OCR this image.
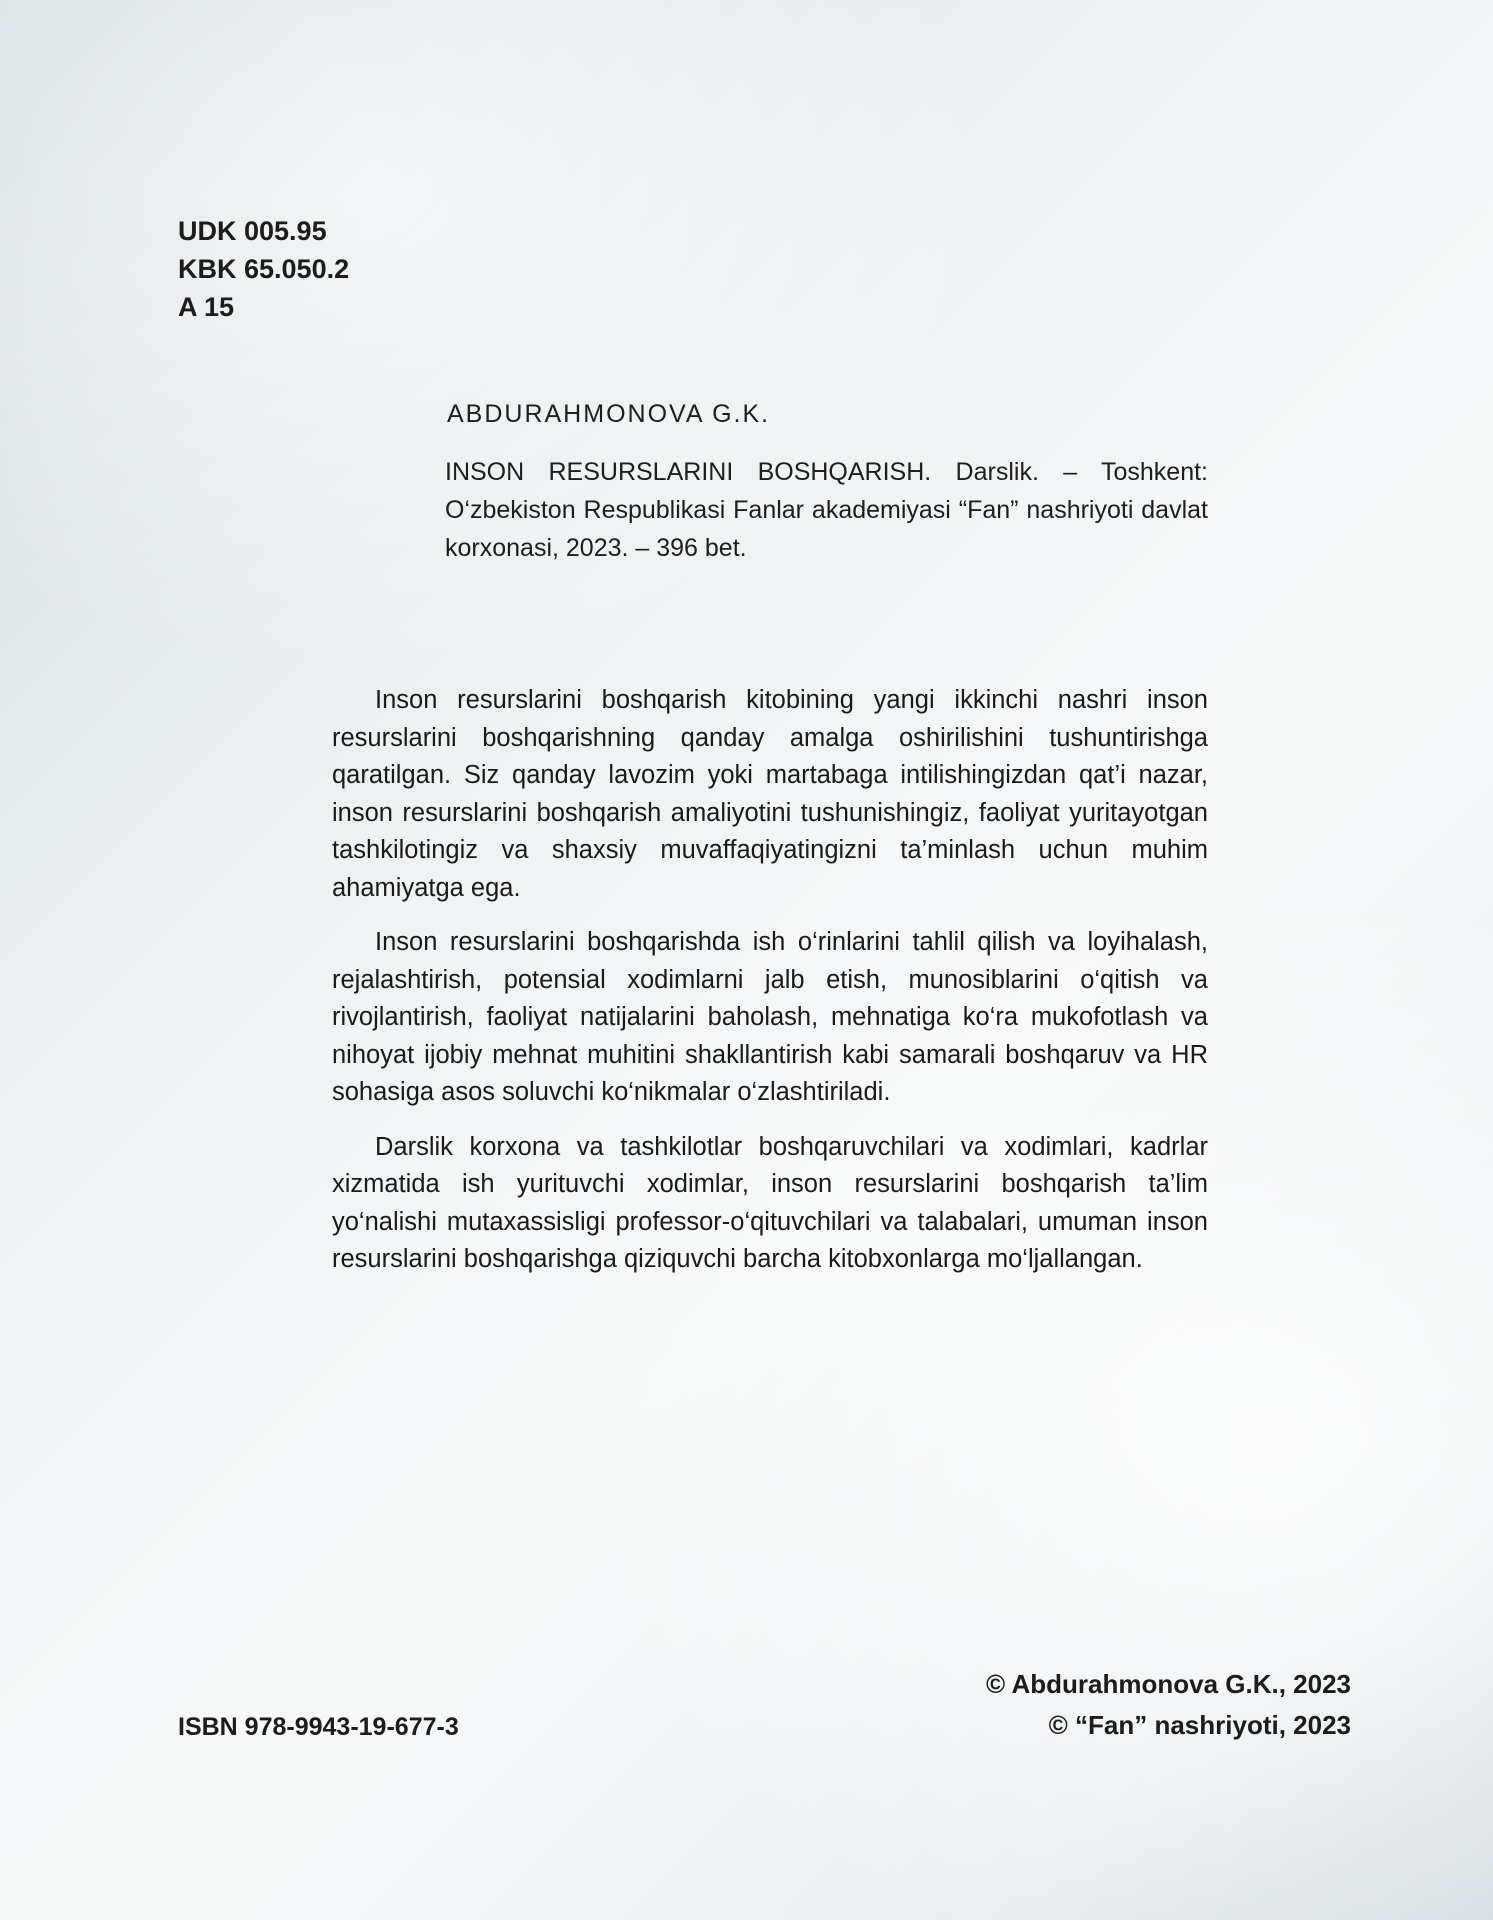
UDK 005.95
KBK 65.050.2
A 15
ABDURAHMONOVA G.K.
INSON RESURSLARINI BOSHQARISH. Darslik. – Toshkent: O‘zbekiston Respublikasi Fanlar akademiyasi “Fan” nashriyoti davlat korxonasi, 2023. – 396 bet.

Inson resurslarini boshqarish kitobining yangi ikkinchi nashri inson resurslarini boshqarishning qanday amalga oshirilishini tushuntirishga qaratilgan. Siz qanday lavozim yoki martabaga intilishingizdan qat’i nazar, inson resurslarini boshqarish amaliyotini tushunishingiz, faoliyat yuritayotgan tashkilotingiz va shaxsiy muvaffaqiyatingizni ta’minlash uchun muhim ahamiyatga ega.

Inson resurslarini boshqarishda ish o‘rinlarini tahlil qilish va loyihalash, rejalashtirish, potensial xodimlarni jalb etish, munosiblarini o‘qitish va rivojlantirish, faoliyat natijalarini baholash, mehnatiga ko‘ra mukofotlash va nihoyat ijobiy mehnat muhitini shakllantirish kabi samarali boshqaruv va HR sohasiga asos soluvchi ko‘nikmalar o‘zlashtiriladi.

Darslik korxona va tashkilotlar boshqaruvchilari va xodimlari, kadrlar xizmatida ish yurituvchi xodimlar, inson resurslarini boshqarish ta’lim yo‘nalishi mutaxassisligi professor-o‘qituvchilari va talabalari, umuman inson resurslarini boshqarishga qiziquvchi barcha kitobxonlarga mo‘ljallangan.

ISBN 978-9943-19-677-3
© Abdurahmonova G.K., 2023
© “Fan” nashriyoti, 2023
